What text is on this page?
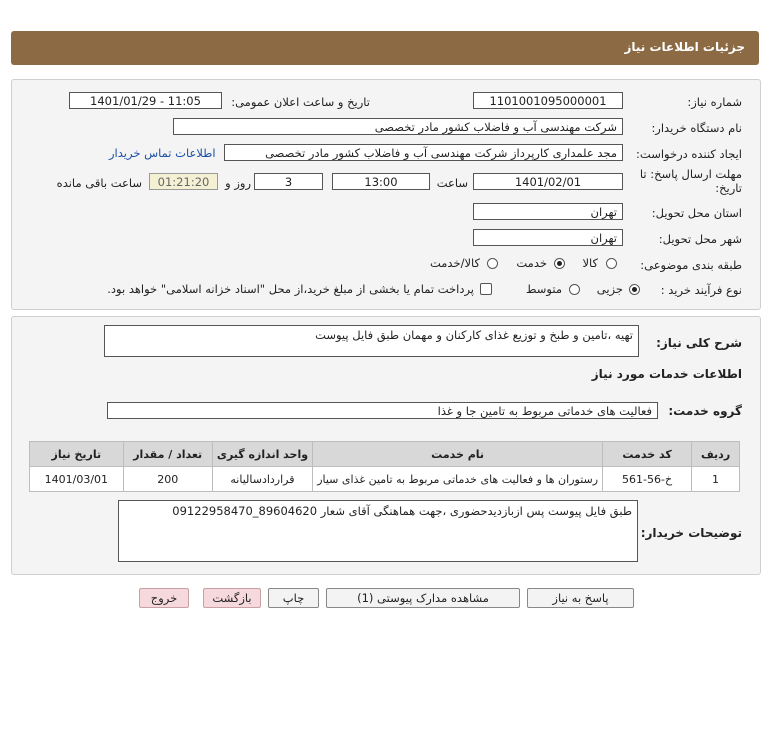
جزئیات اطلاعات نیاز
شماره نیاز:
1101001095000001
تاریخ و ساعت اعلان عمومی:
1401/01/29 - 11:05
نام دستگاه خریدار:
شرکت مهندسی آب و فاضلاب کشور مادر تخصصی
ایجاد کننده درخواست:
مجد علمداری کارپرداز شرکت مهندسی آب و فاضلاب کشور مادر تخصصی
اطلاعات تماس خریدار
مهلت ارسال پاسخ: تا
تاریخ:
1401/02/01
ساعت
13:00
3
روز و
01:21:20
ساعت باقی مانده
استان محل تحویل:
تهران
شهر محل تحویل:
تهران
طبقه بندی موضوعی:
کالا
خدمت
کالا/خدمت
نوع فرآیند خرید :
جزیی
متوسط
پرداخت تمام یا بخشی از مبلغ خرید،از محل "اسناد خزانه اسلامی" خواهد بود.
شرح کلی نیاز:
تهیه ،تامین و طبخ و توزیع غذای کارکنان و مهمان طبق فایل پیوست
اطلاعات خدمات مورد نیاز
گروه خدمت:
فعالیت های خدماتی مربوط به تامین جا و غذا
تاریخ نیاز	تعداد / مقدار	واحد اندازه گیری	نام خدمت	کد خدمت	ردیف
1401/03/01	200	قراردادسالیانه	رستوران ها و فعالیت های خدماتی مربوط به تامین غذای سیار	خ-56-561	1
توضیحات خریدار:
طبق فایل پیوست پس ازبازدیدحضوری ،جهت هماهنگی آقای شعار 89604620_09122958470
پاسخ به نیاز
مشاهده مدارک پیوستی (1)
چاپ
بازگشت
خروج
